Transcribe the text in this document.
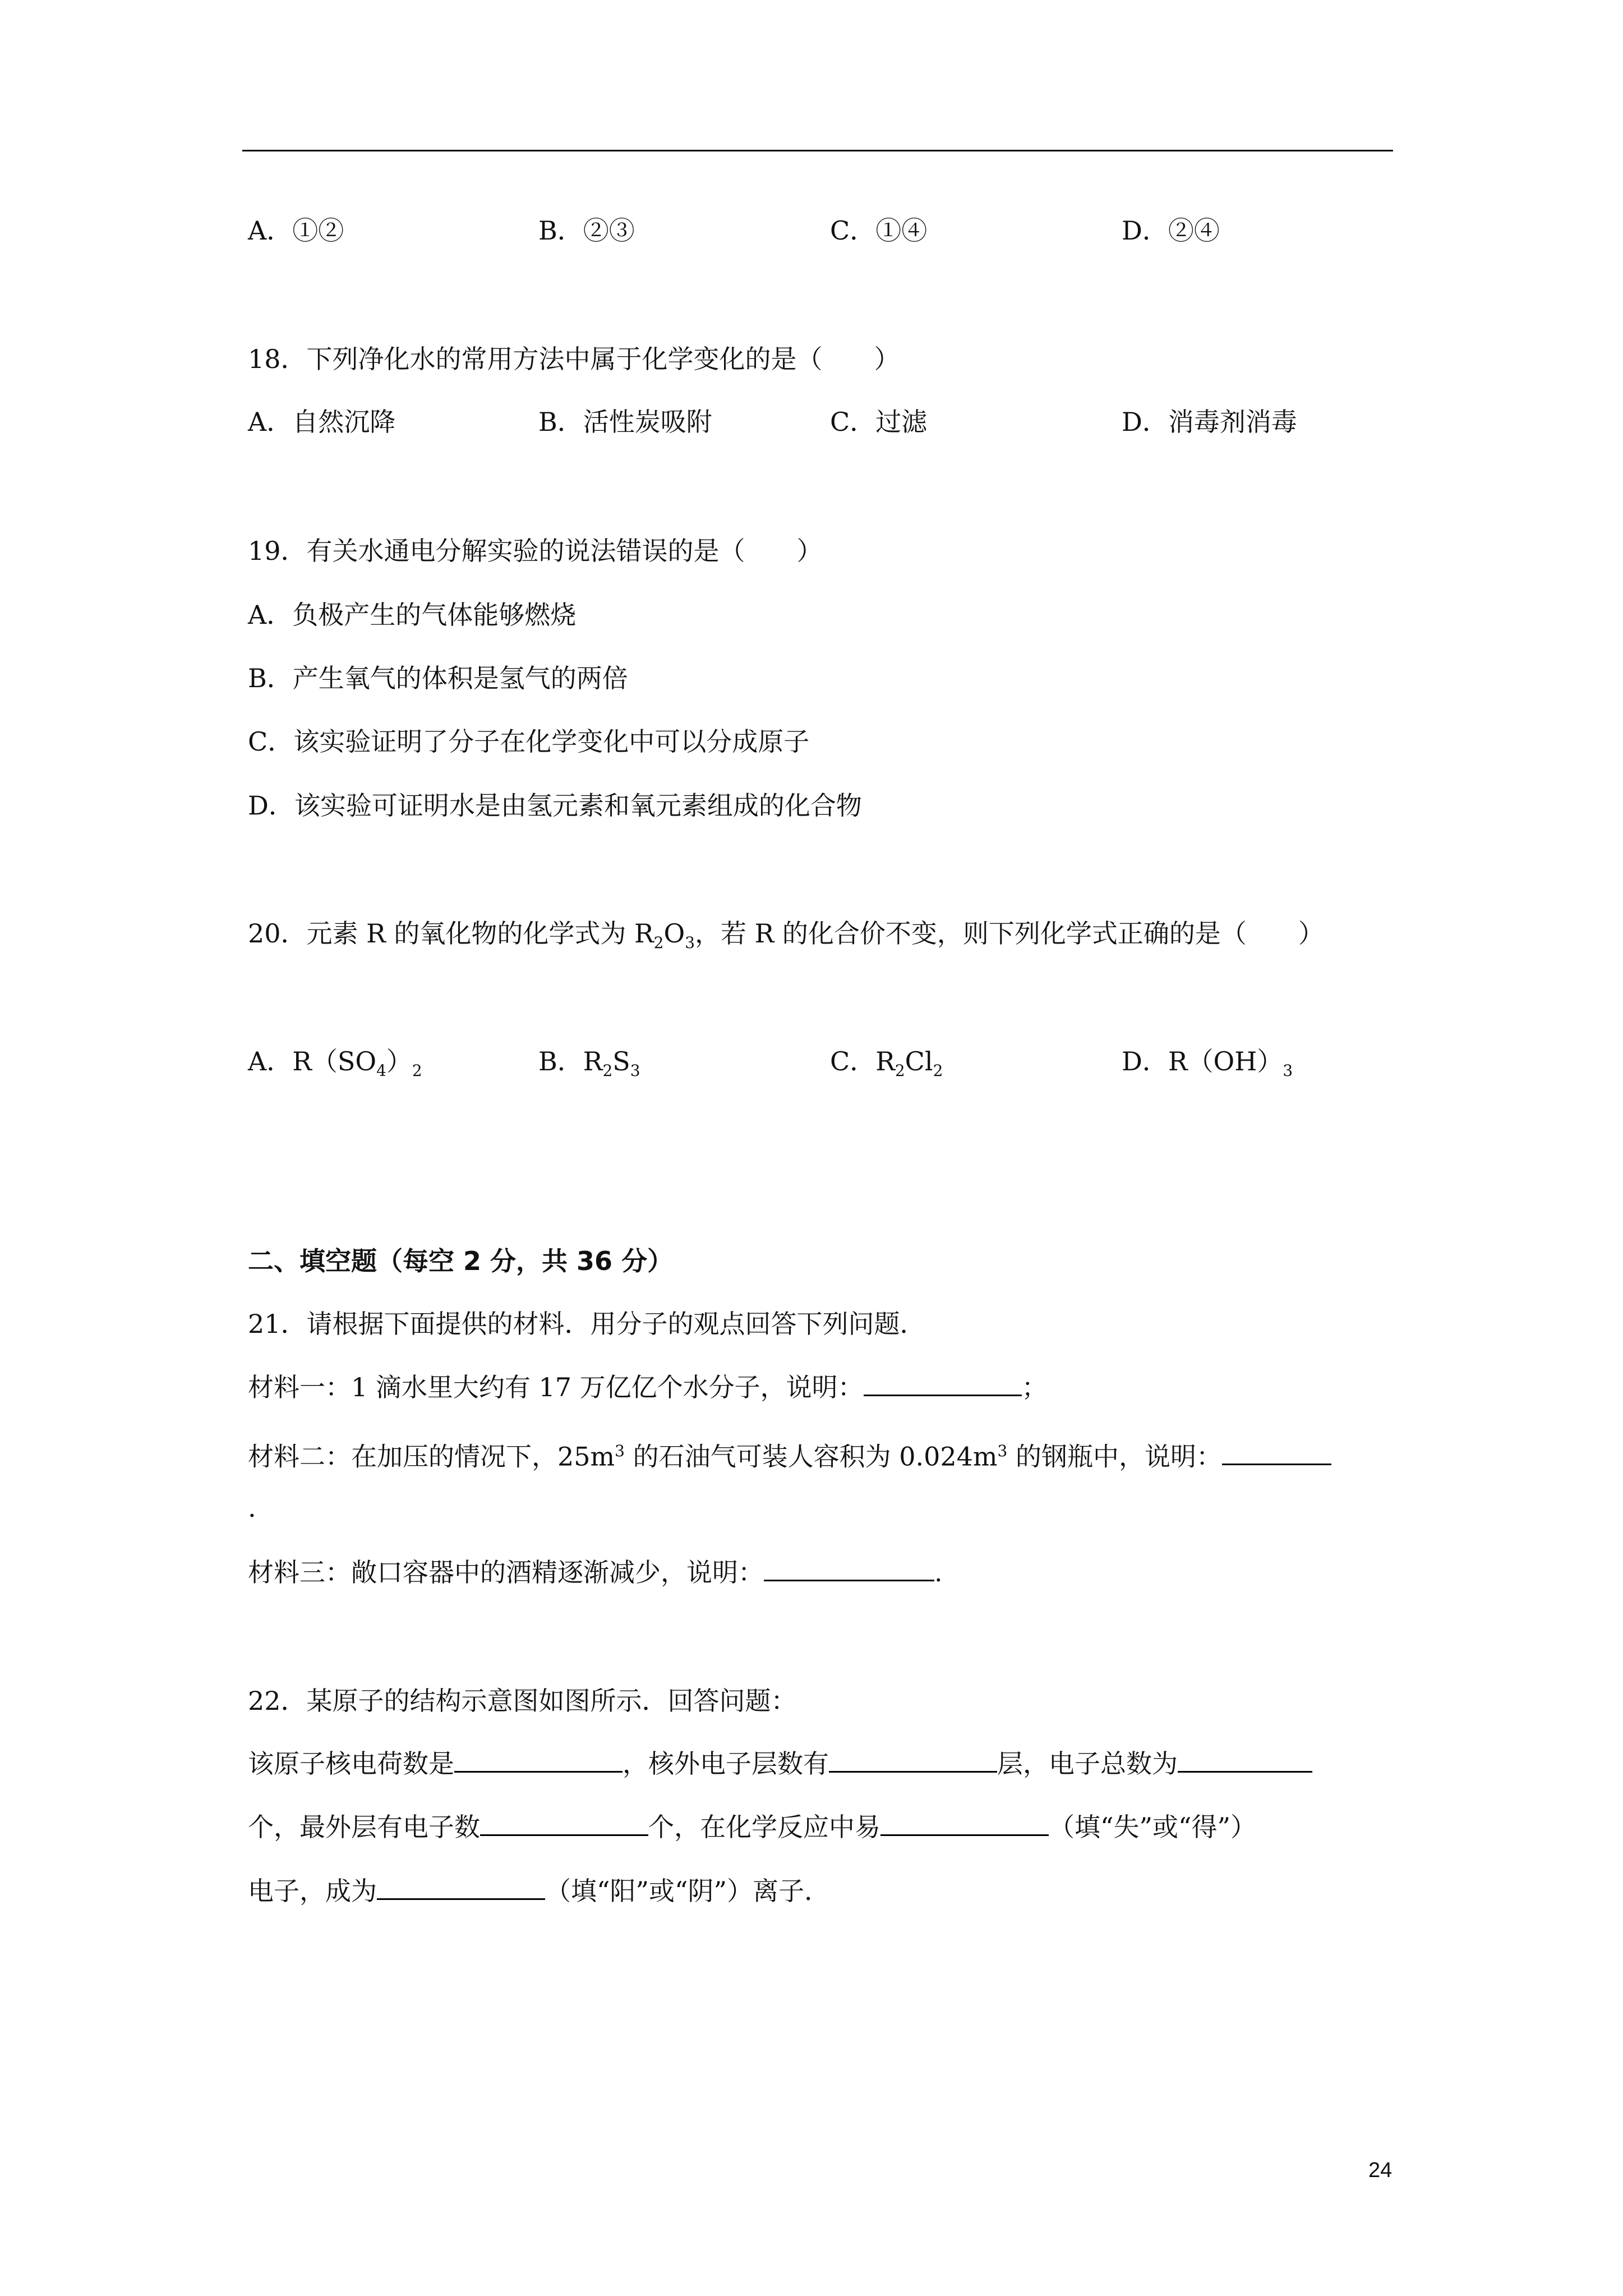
A．①②	B．②③	C．①④	D．②④
18．下列净化水的常用方法中属于化学变化的是（　　）
A．自然沉降	B．活性炭吸附	C．过滤	D．消毒剂消毒
19．有关水通电分解实验的说法错误的是（　　）
A．负极产生的气体能够燃烧
B．产生氧气的体积是氢气的两倍
C．该实验证明了分子在化学变化中可以分成原子
D．该实验可证明水是由氢元素和氧元素组成的化合物
20．元素 R 的氧化物的化学式为 $R_2O_3$，若 R 的化合价不变，则下列化学式正确的是（　　）
A．$R(SO_4)_2$	B．$R_2S_3$	C．$R_2Cl_2$	D．$R(OH)_3$
二、填空题（每空 2 分，共 36 分）
21．请根据下面提供的材料．用分子的观点回答下列问题．
材料一：1 滴水里大约有 17 万亿亿个水分子，说明：	；
材料二：在加压的情况下，$25m^3$ 的石油气可装人容积为 $0.024m^3$ 的钢瓶中，说明：
.
材料三：敞口容器中的酒精逐渐减少，说明：	.
22．某原子的结构示意图如图所示．回答问题：
该原子核电荷数是	，核外电子层数有	层，电子总数为
个，最外层有电子数	个，在化学反应中易	（填“失”或“得”）
电子，成为	（填“阳”或“阴”）离子．
24
